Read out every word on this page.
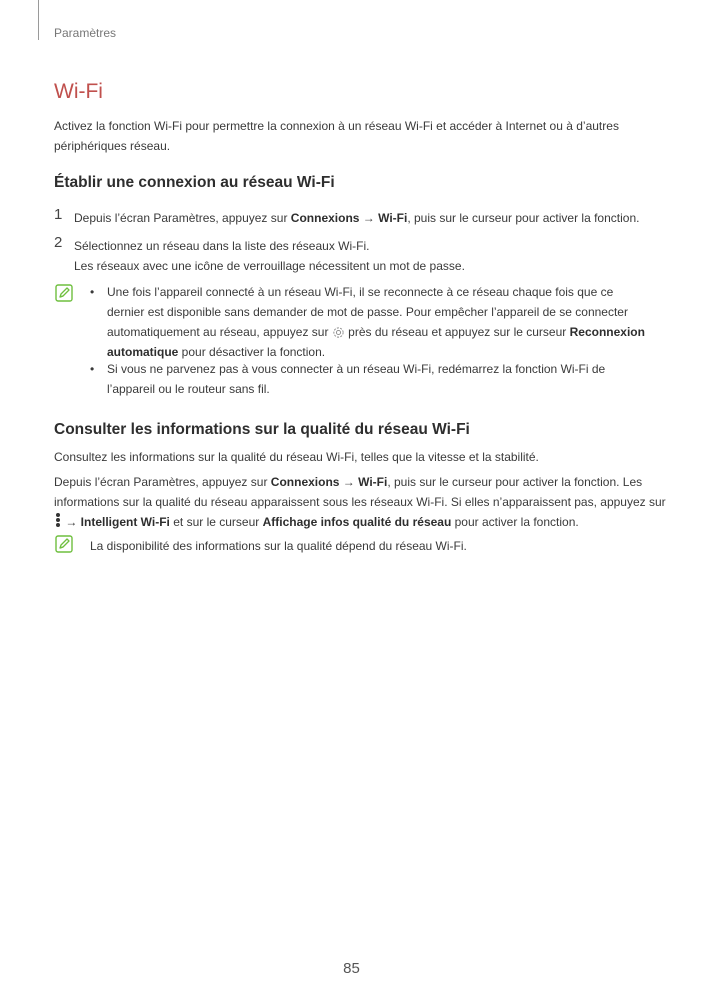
Paramètres
Wi-Fi

Activez la fonction Wi-Fi pour permettre la connexion à un réseau Wi-Fi et accéder à Internet ou à d’autres périphériques réseau.

Établir une connexion au réseau Wi-Fi
1 Depuis l’écran Paramètres, appuyez sur Connexions → Wi-Fi, puis sur le curseur pour activer la fonction.
2 Sélectionnez un réseau dans la liste des réseaux Wi-Fi.
Les réseaux avec une icône de verrouillage nécessitent un mot de passe.
• Une fois l’appareil connecté à un réseau Wi-Fi, il se reconnecte à ce réseau chaque fois que ce dernier est disponible sans demander de mot de passe. Pour empêcher l’appareil de se connecter automatiquement au réseau, appuyez sur  près du réseau et appuyez sur le curseur Reconnexion automatique pour désactiver la fonction.
• Si vous ne parvenez pas à vous connecter à un réseau Wi-Fi, redémarrez la fonction Wi-Fi de l’appareil ou le routeur sans fil.
Consulter les informations sur la qualité du réseau Wi-Fi

Consultez les informations sur la qualité du réseau Wi-Fi, telles que la vitesse et la stabilité.

Depuis l’écran Paramètres, appuyez sur Connexions → Wi-Fi, puis sur le curseur pour activer la fonction. Les informations sur la qualité du réseau apparaissent sous les réseaux Wi-Fi. Si elles n’apparaissent pas, appuyez sur  → Intelligent Wi-Fi et sur le curseur Affichage infos qualité du réseau pour activer la fonction.

La disponibilité des informations sur la qualité dépend du réseau Wi-Fi.
85
